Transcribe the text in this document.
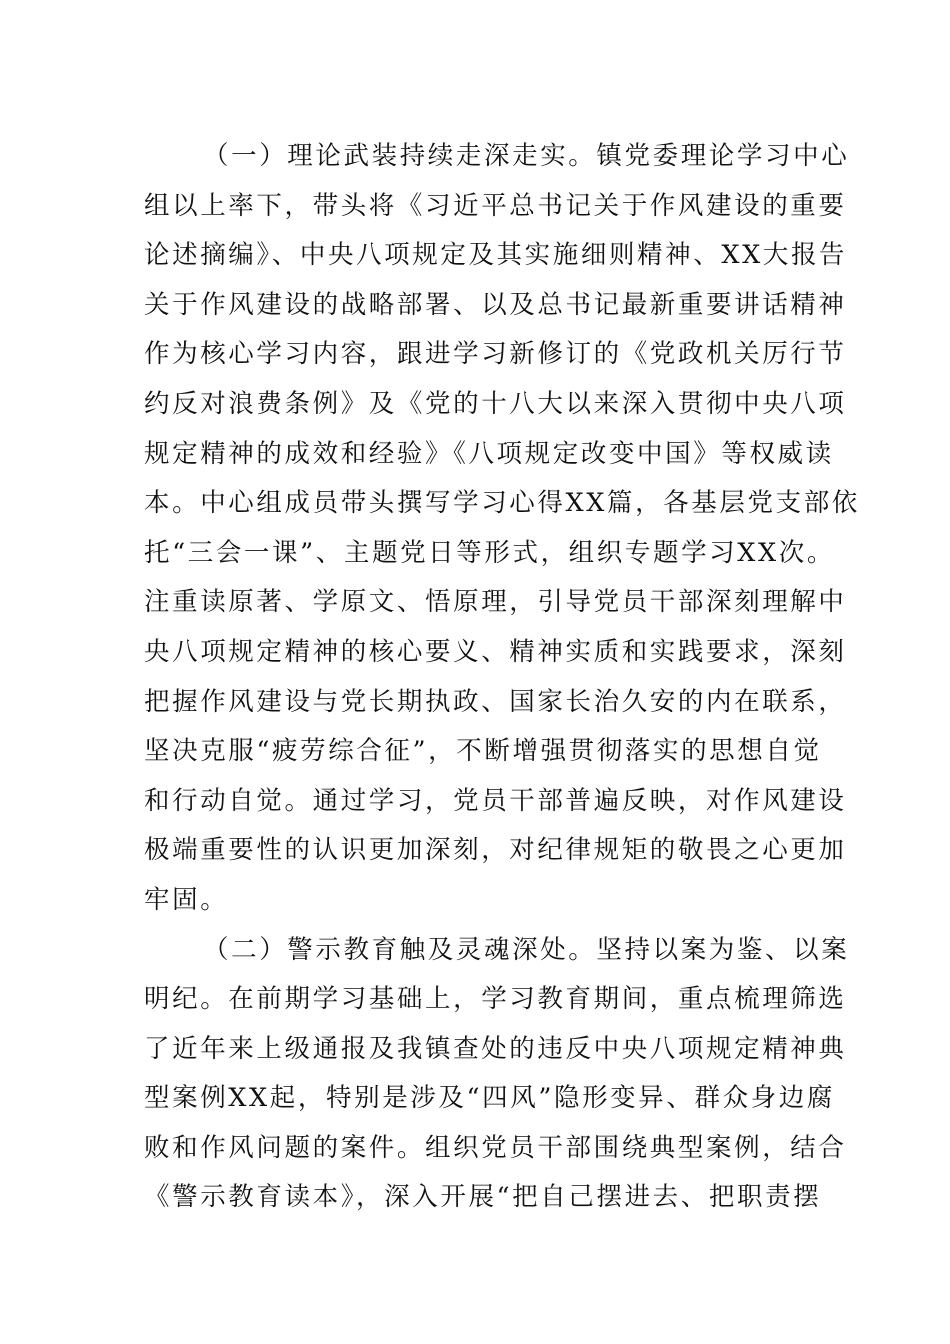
（一）理论武装持续走深走实。镇党委理论学习中心
组以上率下，带头将《习近平总书记关于作风建设的重要
论述摘编》、中央八项规定及其实施细则精神、XX大报告
关于作风建设的战略部署、以及总书记最新重要讲话精神
作为核心学习内容，跟进学习新修订的《党政机关厉行节
约反对浪费条例》及《党的十八大以来深入贯彻中央八项
规定精神的成效和经验》《八项规定改变中国》等权威读
本。中心组成员带头撰写学习心得XX篇，各基层党支部依
托“三会一课”、主题党日等形式，组织专题学习XX次。
注重读原著、学原文、悟原理，引导党员干部深刻理解中
央八项规定精神的核心要义、精神实质和实践要求，深刻
把握作风建设与党长期执政、国家长治久安的内在联系，
坚决克服“疲劳综合征”，不断增强贯彻落实的思想自觉
和行动自觉。通过学习，党员干部普遍反映，对作风建设
极端重要性的认识更加深刻，对纪律规矩的敬畏之心更加
牢固。
（二）警示教育触及灵魂深处。坚持以案为鉴、以案
明纪。在前期学习基础上，学习教育期间，重点梳理筛选
了近年来上级通报及我镇查处的违反中央八项规定精神典
型案例XX起，特别是涉及“四风”隐形变异、群众身边腐
败和作风问题的案件。组织党员干部围绕典型案例，结合
《警示教育读本》，深入开展“把自己摆进去、把职责摆
